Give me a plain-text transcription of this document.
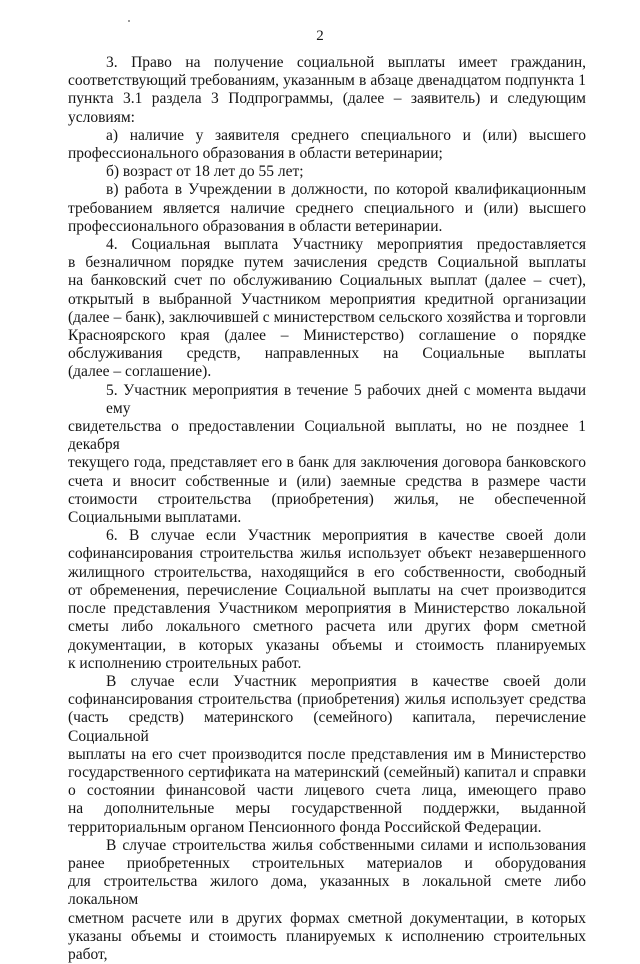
2

3. Право на получение социальной выплаты имеет гражданин,
соответствующий требованиям, указанным в абзаце двенадцатом подпункта 1
пункта 3.1 раздела 3 Подпрограммы, (далее – заявитель) и следующим
условиям:

а) наличие у заявителя среднего специального и (или) высшего
профессионального образования в области ветеринарии;

б) возраст от 18 лет до 55 лет;

в) работа в Учреждении в должности, по которой квалификационным
требованием является наличие среднего специального и (или) высшего
профессионального образования в области ветеринарии.

4. Социальная выплата Участнику мероприятия предоставляется
в безналичном порядке путем зачисления средств Социальной выплаты
на банковский счет по обслуживанию Социальных выплат (далее – счет),
открытый в выбранной Участником мероприятия кредитной организации
(далее – банк), заключившей с министерством сельского хозяйства и торговли
Красноярского края (далее – Министерство) соглашение о порядке
обслуживания средств, направленных на Социальные выплаты
(далее – соглашение).

5. Участник мероприятия в течение 5 рабочих дней с момента выдачи ему
свидетельства о предоставлении Социальной выплаты, но не позднее 1 декабря
текущего года, представляет его в банк для заключения договора банковского
счета и вносит собственные и (или) заемные средства в размере части
стоимости строительства (приобретения) жилья, не обеспеченной
Социальными выплатами.

6. В случае если Участник мероприятия в качестве своей доли
софинансирования строительства жилья использует объект незавершенного
жилищного строительства, находящийся в его собственности, свободный
от обременения, перечисление Социальной выплаты на счет производится
после представления Участником мероприятия в Министерство локальной
сметы либо локального сметного расчета или других форм сметной
документации, в которых указаны объемы и стоимость планируемых
к исполнению строительных работ.

В случае если Участник мероприятия в качестве своей доли
софинансирования строительства (приобретения) жилья использует средства
(часть средств) материнского (семейного) капитала, перечисление Социальной
выплаты на его счет производится после представления им в Министерство
государственного сертификата на материнский (семейный) капитал и справки
о состоянии финансовой части лицевого счета лица, имеющего право
на дополнительные меры государственной поддержки, выданной
территориальным органом Пенсионного фонда Российской Федерации.

В случае строительства жилья собственными силами и использования
ранее приобретенных строительных материалов и оборудования
для строительства жилого дома, указанных в локальной смете либо локальном
сметном расчете или в других формах сметной документации, в которых
указаны объемы и стоимость планируемых к исполнению строительных работ,
